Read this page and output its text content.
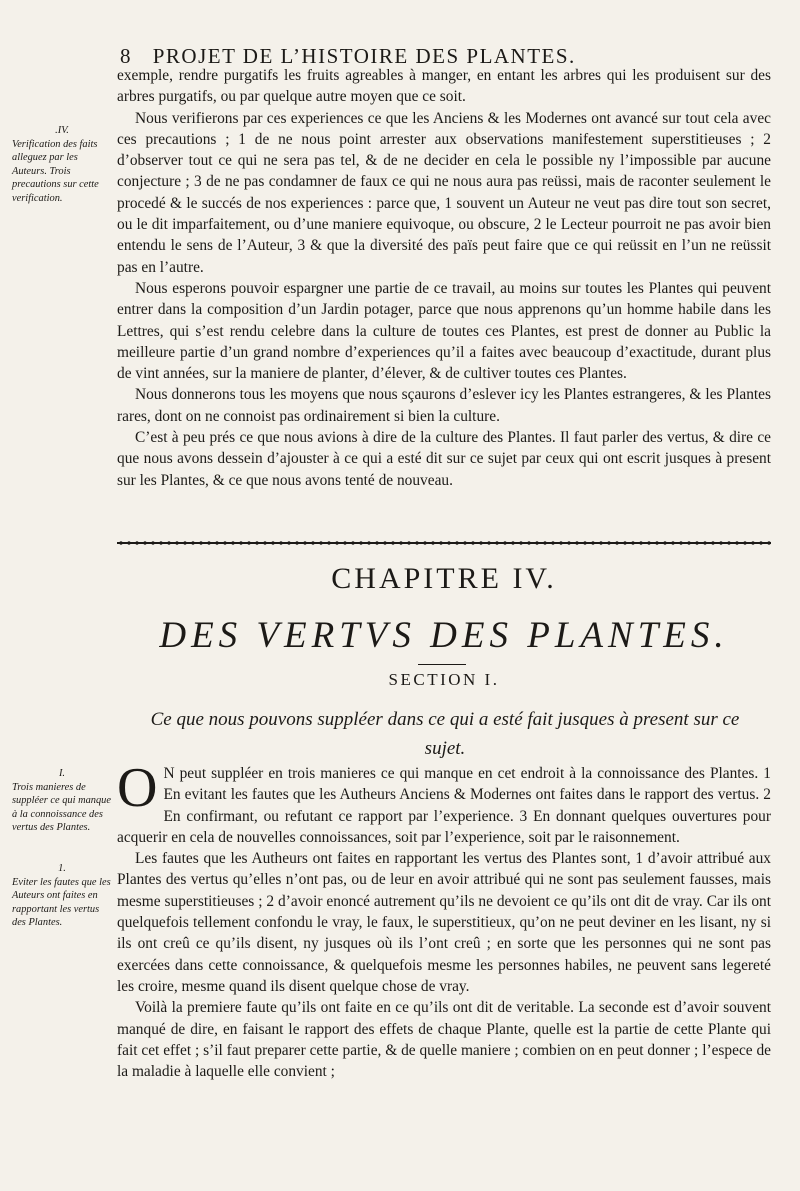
8 PROJET DE L’HISTOIRE DES PLANTES.
.IV.
Verification des faits alleguez par les Auteurs. Trois precautions sur cette verification.

exemple, rendre purgatifs les fruits agreables à manger, en entant les arbres qui les produisent sur des arbres purgatifs, ou par quelque autre moyen que ce soit.

Nous verifierons par ces experiences ce que les Anciens & les Modernes ont avancé sur tout cela avec ces precautions ; 1 de ne nous point arrester aux observations manifestement superstitieuses ; 2 d’observer tout ce qui ne sera pas tel, & de ne decider en cela le possible ny l’impossible par aucune conjecture ; 3 de ne pas condamner de faux ce qui ne nous aura pas reüssi, mais de raconter seulement le procedé & le succés de nos experiences : parce que, 1 souvent un Auteur ne veut pas dire tout son secret, ou le dit imparfaitement, ou d’une maniere equivoque, ou obscure, 2 le Lecteur pourroit ne pas avoir bien entendu le sens de l’Auteur, 3 & que la diversité des païs peut faire que ce qui reüssit en l’un ne reüssit pas en l’autre.

Nous esperons pouvoir espargner une partie de ce travail, au moins sur toutes les Plantes qui peuvent entrer dans la composition d’un Jardin potager, parce que nous apprenons qu’un homme habile dans les Lettres, qui s’est rendu celebre dans la culture de toutes ces Plantes, est prest de donner au Public la meilleure partie d’un grand nombre d’experiences qu’il a faites avec beaucoup d’exactitude, durant plus de vint années, sur la maniere de planter, d’élever, & de cultiver toutes ces Plantes.

Nous donnerons tous les moyens que nous sçaurons d’eslever icy les Plantes estrangeres, & les Plantes rares, dont on ne connoist pas ordinairement si bien la culture.

C’est à peu prés ce que nous avions à dire de la culture des Plantes. Il faut parler des vertus, & dire ce que nous avons dessein d’ajouster à ce qui a esté dit sur ce sujet par ceux qui ont escrit jusques à present sur les Plantes, & ce que nous avons tenté de nouveau.

CHAPITRE IV.
DES VERTVS DES PLANTES.
SECTION I.
Ce que nous pouvons suppléer dans ce qui a esté fait jusques à present sur ce sujet.
I.
Trois manieres de suppléer ce qui manque à la connoissance des vertus des Plantes.
1.
Eviter les fautes que les Auteurs ont faites en rapportant les vertus des Plantes.

O N peut suppléer en trois manieres ce qui manque en cet endroit à la connoissance des Plantes. 1 En evitant les fautes que les Autheurs Anciens & Modernes ont faites dans le rapport des vertus. 2 En confirmant, ou refutant ce rapport par l’experience. 3 En donnant quelques ouvertures pour acquerir en cela de nouvelles connoissances, soit par l’experience, soit par le raisonnement.

Les fautes que les Autheurs ont faites en rapportant les vertus des Plantes sont, 1 d’avoir attribué aux Plantes des vertus qu’elles n’ont pas, ou de leur en avoir attribué qui ne sont pas seulement fausses, mais mesme superstitieuses ; 2 d’avoir enoncé autrement qu’ils ne devoient ce qu’ils ont dit de vray. Car ils ont quelquefois tellement confondu le vray, le faux, le superstitieux, qu’on ne peut deviner en les lisant, ny si ils ont creû ce qu’ils disent, ny jusques où ils l’ont creû ; en sorte que les personnes qui ne sont pas exercées dans cette connoissance, & quelquefois mesme les personnes habiles, ne peuvent sans legereté les croire, mesme quand ils disent quelque chose de vray.

Voilà la premiere faute qu’ils ont faite en ce qu’ils ont dit de veritable. La seconde est d’avoir souvent manqué de dire, en faisant le rapport des effets de chaque Plante, quelle est la partie de cette Plante qui fait cet effet ; s’il faut preparer cette partie, & de quelle maniere ; combien on en peut donner ; l’espece de la maladie à laquelle elle convient ;
